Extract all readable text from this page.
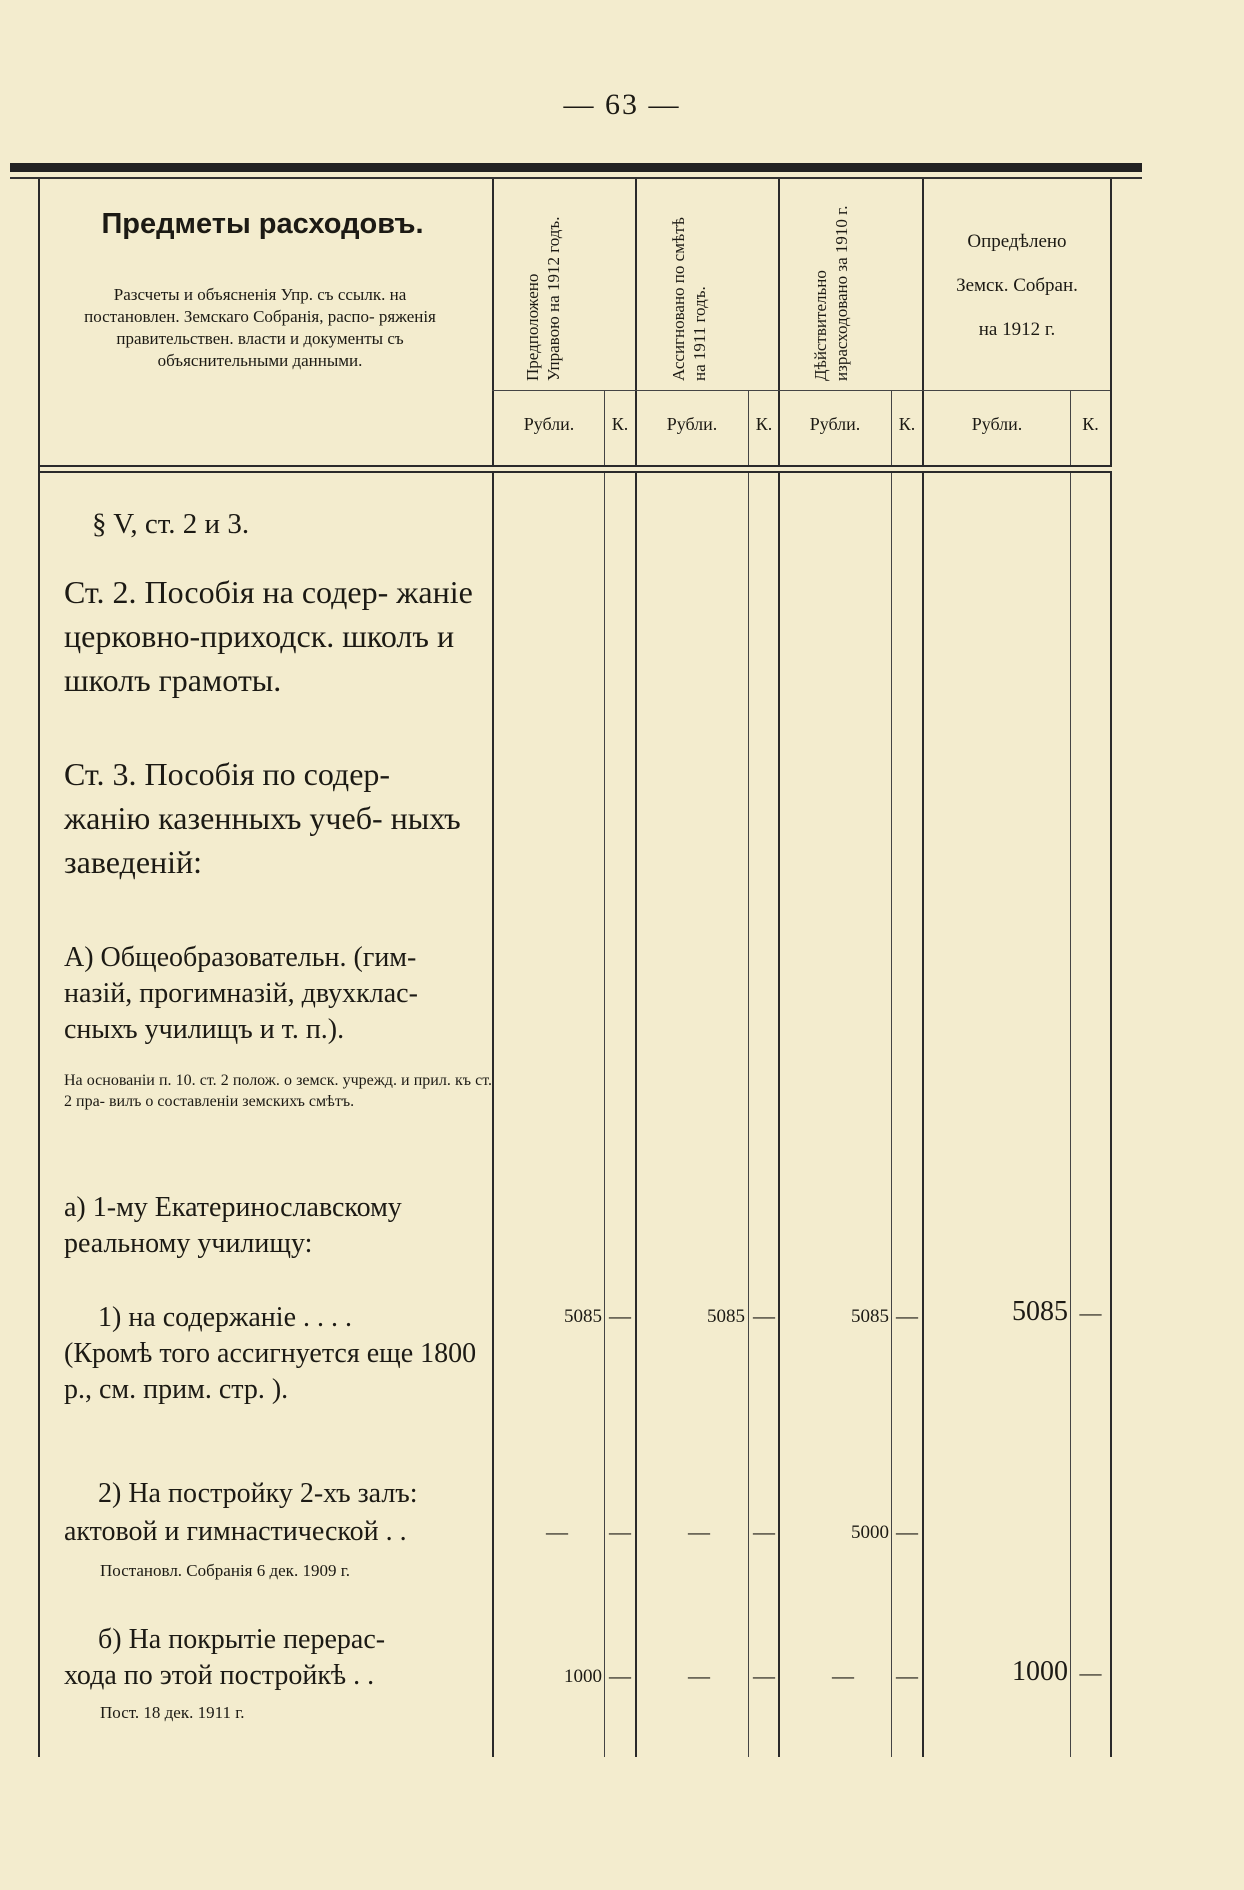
— 63 —
Предметы расходовъ.
Разсчеты и объясненія Упр. съ ссылк. на постановлен. Земскаго Собранія, распо- ряженія правительствен. власти и документы съ объяснительными данными.	Предположено Управою на 1912 годъ.	Ассигновано по смѣтѣ на 1911 годъ.	Дѣйствительно израсходовано за 1910 г.	Опредѣлено
Земск. Собран.
на 1912 г.
Рубли.	К.	Рубли.	К.	Рубли.	К.	Рубли.	К.
§ V, ст. 2 и 3.
Ст. 2. Пособія на содер- жаніе церковно-приходск. школъ и школъ грамоты.
Ст. 3. Пособія по содер- жанію казенныхъ учеб- ныхъ заведеній:
А) Общеобразовательн. (гим- назій, прогимназій, двухклас- сныхъ училищъ и т. п.).
На основаніи п. 10. ст. 2 полож. о земск. учрежд. и прил. къ ст. 2 пра- вилъ о составленіи земскихъ смѣтъ.
а) 1-му Екатеринославскому реальному училищу:
1) на содержаніе . . . .
(Кромѣ того ассигнуется еще 1800 р., см. прим. стр. ).
5085 —	5085 —	5085 —	5085 —
2) На постройку 2-хъ залъ:
актовой и гимнастической . .
Постановл. Собранія 6 дек. 1909 г.
— —	— —	5000 —
б) На покрытіе перерас-
хода по этой постройкѣ . .
Пост. 18 дек. 1911 г.
1000 —	— —	— —	1000 —
